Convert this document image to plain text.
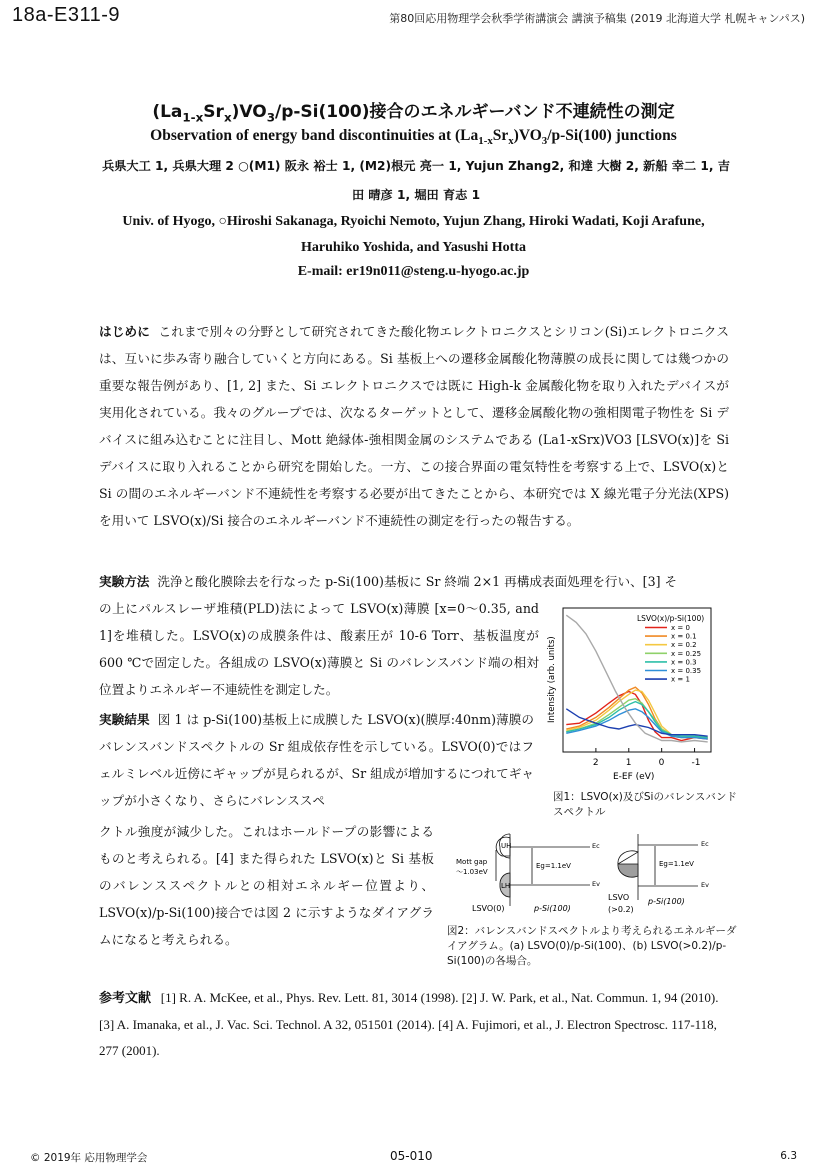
18a-E311-9	第80回応用物理学会秋季学術講演会 講演予稿集 (2019 北海道大学 札幌キャンパス)
$(La_{1-x}Sr_x)VO_3/p-Si(100)$接合のエネルギーバンド不連続性の測定
Observation of energy band discontinuities at $(La_{1-x}Sr_x)VO_3/p-Si(100)$ junctions
兵県大工 1, 兵県大理 2 ○(M1) 阪永 裕士 1, (M2)根元 亮一 1, Yujun Zhang2, 和達 大樹 2, 新船 幸二 1, 吉田 晴彦 1, 堀田 育志 1
Univ. of Hyogo, ○Hiroshi Sakanaga, Ryoichi Nemoto, Yujun Zhang, Hiroki Wadati, Koji Arafune, Haruhiko Yoshida, and Yasushi Hotta
E-mail: er19n011@steng.u-hyogo.ac.jp
はじめに これまで別々の分野として研究されてきた酸化物エレクトロニクスとシリコン(Si)エレクトロニクスは、互いに歩み寄り融合していくと方向にある。Si 基板上への遷移金属酸化物薄膜の成長に関しては幾つかの重要な報告例があり、[1, 2] また、Si エレクトロニクスでは既に High-k 金属酸化物を取り入れたデバイスが実用化されている。我々のグループでは、次なるターゲットとして、遷移金属酸化物の強相関電子物性を Si デバイスに組み込むことに注目し、Mott 絶縁体‐強相関金属のシステムである (La1-xSrx)VO3 [LSVO(x)]を Si デバイスに取り入れることから研究を開始した。一方、この接合界面の電気特性を考察する上で、LSVO(x)と Si の間のエネルギーバンド不連続性を考察する必要が出てきたことから、本研究では X 線光電子分光法(XPS)を用いて LSVO(x)/Si 接合のエネルギーバンド不連続性の測定を行ったの報告する。
実験方法 洗浄と酸化膜除去を行なった p-Si(100)基板に Sr 終端 2×1 再構成表面処理を行い、[3] そ
の上にパルスレーザ堆積(PLD)法によって LSVO(x)薄膜 [x=0～0.35, and 1]を堆積した。LSVO(x)の成膜条件は、酸素圧が 10-6 Torr、基板温度が 600 ℃で固定した。各組成の LSVO(x)薄膜と Si のバレンスバンド端の相対位置よりエネルギー不連続性を測定した。
実験結果 図 1 は p-Si(100)基板上に成膜した LSVO(x)(膜厚:40nm)薄膜のバレンスバンドスペクトルの Sr 組成依存性を示している。LSVO(0)ではフェルミレベル近傍にギャップが見られるが、Sr 組成が増加するにつれてギャップが小さくなり、さらにバレンススペ
クトル強度が減少した。これはホールドープの影響によるものと考えられる。[4] また得られた LSVO(x)と Si 基板のバレンススペクトルとの相対エネルギー位置より、LSVO(x)/p-Si(100)接合では図 2 に示すようなダイアグラムになると考えられる。
Intensity (arb. units)
2	1	0	-1
E-EF (eV)
LSVO(x)/p-Si(100)
x = 0
x = 0.1
x = 0.2
x = 0.25
x = 0.3
x = 0.35
x = 1
図1：LSVO(x)及びSiのバレンスバンドスペクトル
UH
LH
Ec
Ev
Eg=1.1eV
Mott gap
～1.03eV
LSVO(0)	p-Si(100)
Ec
Ev
Eg=1.1eV
LSVO
(>0.2)
p-Si(100)
図2：バレンスバンドスペクトルより考えられるエネルギーダイアグラム。(a) LSVO(0)/p-Si(100)、(b) LSVO(>0.2)/p-Si(100)の各場合。
参考文献 [1] R. A. McKee, et al., Phys. Rev. Lett. 81, 3014 (1998). [2] J. W. Park, et al., Nat. Commun. 1, 94 (2010). [3] A. Imanaka, et al., J. Vac. Sci. Technol. A 32, 051501 (2014). [4] A. Fujimori, et al., J. Electron Spectrosc. 117-118, 277 (2001).
© 2019年 応用物理学会	05-010	6.3
